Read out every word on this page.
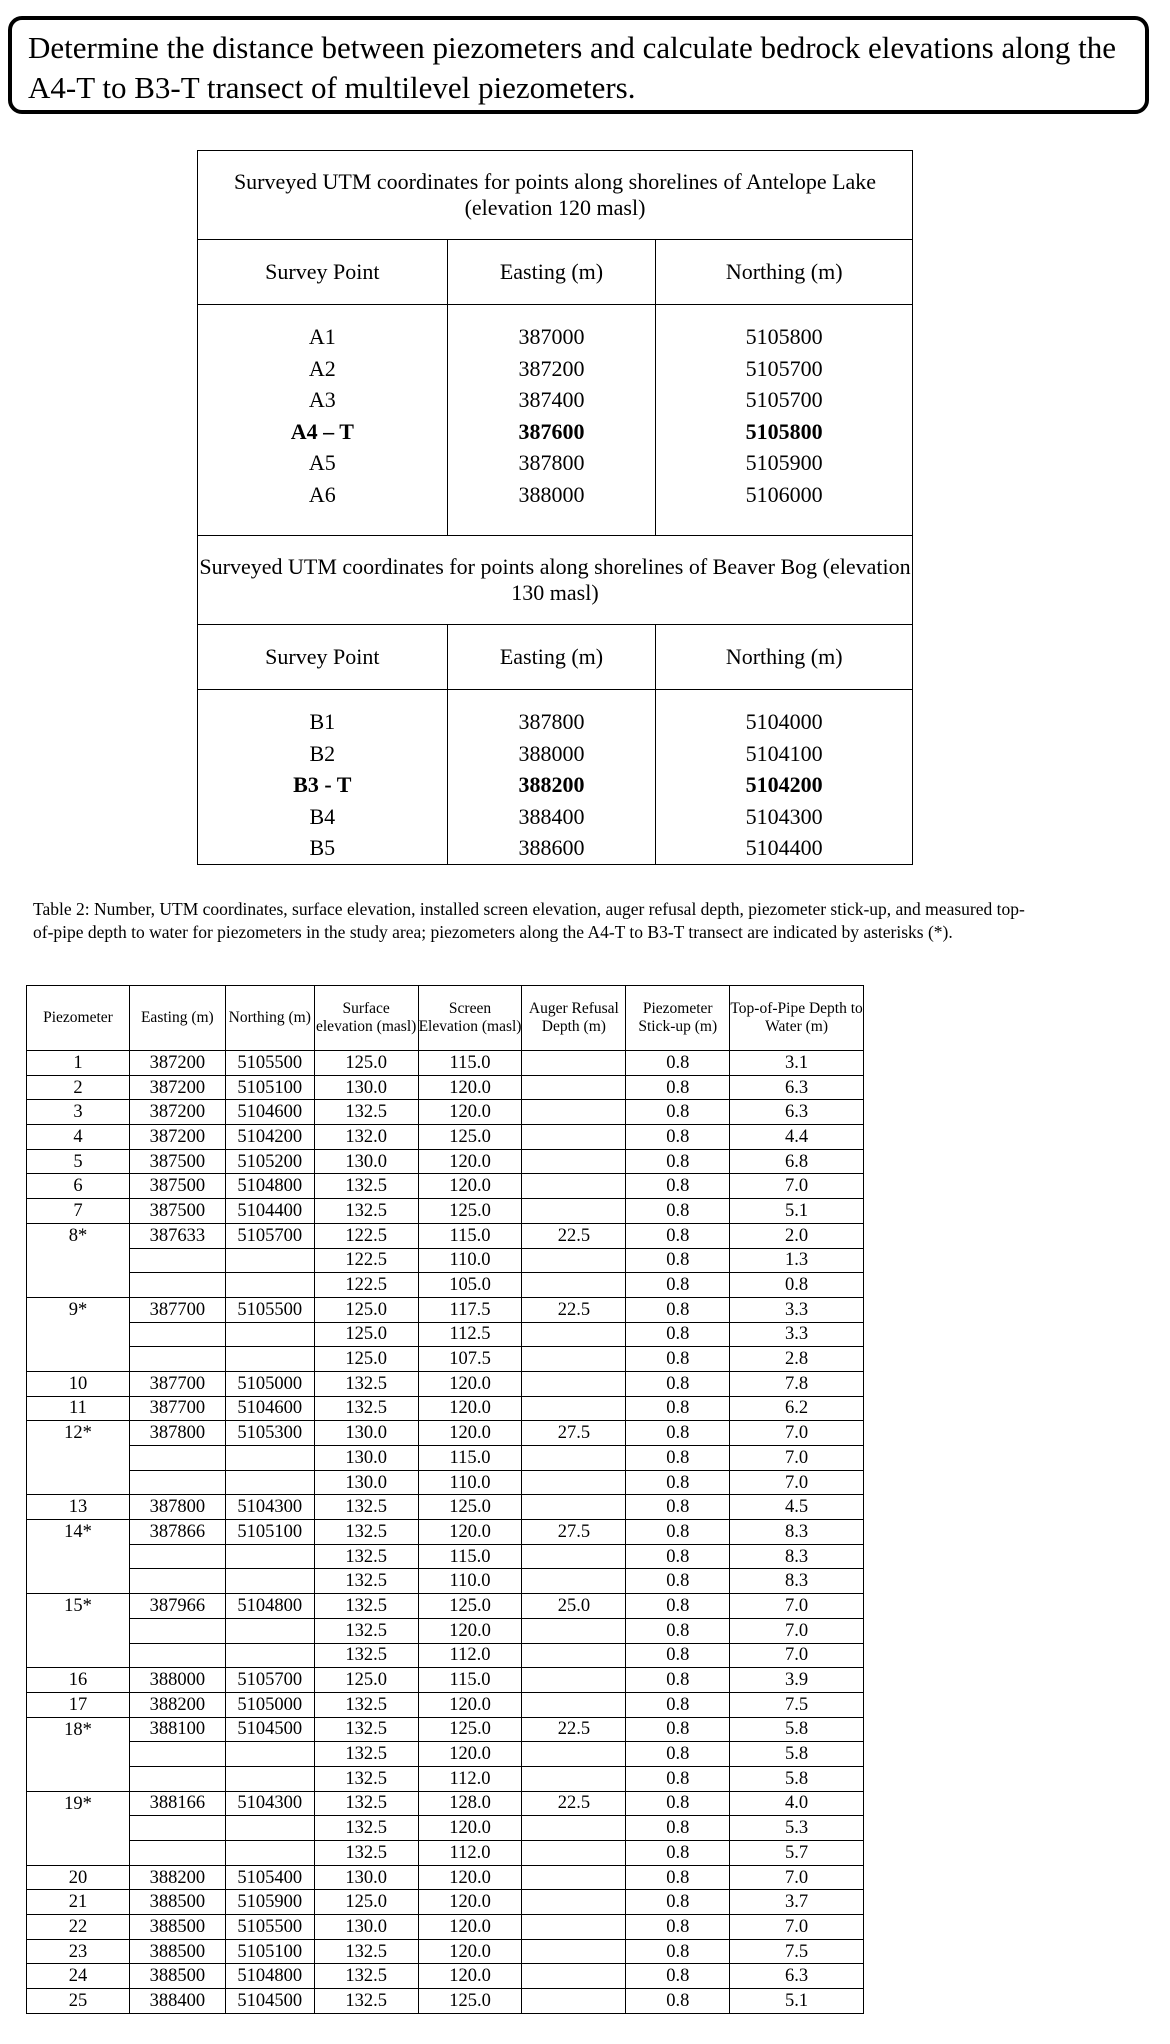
Determine the distance between piezometers and calculate bedrock elevations along the A4-T to B3-T transect of multilevel piezometers.
Surveyed UTM coordinates for points along shorelines of Antelope Lake (elevation 120 masl)		
Survey Point	Easting (m)	Northing (m)

A1	387000	5105800
A2	387200	5105700
A3	387400	5105700
A4 – T	387600	5105800
A5	387800	5105900
A6	388000	5106000

Surveyed UTM coordinates for points along shorelines of Beaver Bog (elevation 130 masl)		
Survey Point	Easting (m)	Northing (m)

B1	387800	5104000
B2	388000	5104100
B3 - T	388200	5104200
B4	388400	5104300
B5	388600	5104400
Table 2: Number, UTM coordinates, surface elevation, installed screen elevation, auger refusal depth, piezometer stick-up, and measured top-of-pipe depth to water for piezometers in the study area; piezometers along the A4-T to B3-T transect are indicated by asterisks (*).
Piezometer	Easting (m)	Northing (m)	Surface elevation (masl)	Screen Elevation (masl)	Auger Refusal Depth (m)	Piezometer Stick-up (m)	Top-of-Pipe Depth to Water (m)
1	387200	5105500	125.0	115.0		0.8	3.1
2	387200	5105100	130.0	120.0		0.8	6.3
3	387200	5104600	132.5	120.0		0.8	6.3
4	387200	5104200	132.0	125.0		0.8	4.4
5	387500	5105200	130.0	120.0		0.8	6.8
6	387500	5104800	132.5	120.0		0.8	7.0
7	387500	5104400	132.5	125.0		0.8	5.1
8*	387633	5105700	122.5	115.0	22.5	0.8	2.0
			122.5	110.0		0.8	1.3
			122.5	105.0		0.8	0.8
9*	387700	5105500	125.0	117.5	22.5	0.8	3.3
			125.0	112.5		0.8	3.3
			125.0	107.5		0.8	2.8
10	387700	5105000	132.5	120.0		0.8	7.8
11	387700	5104600	132.5	120.0		0.8	6.2
12*	387800	5105300	130.0	120.0	27.5	0.8	7.0
			130.0	115.0		0.8	7.0
			130.0	110.0		0.8	7.0
13	387800	5104300	132.5	125.0		0.8	4.5
14*	387866	5105100	132.5	120.0	27.5	0.8	8.3
			132.5	115.0		0.8	8.3
			132.5	110.0		0.8	8.3
15*	387966	5104800	132.5	125.0	25.0	0.8	7.0
			132.5	120.0		0.8	7.0
			132.5	112.0		0.8	7.0
16	388000	5105700	125.0	115.0		0.8	3.9
17	388200	5105000	132.5	120.0		0.8	7.5
18*	388100	5104500	132.5	125.0	22.5	0.8	5.8
			132.5	120.0		0.8	5.8
			132.5	112.0		0.8	5.8
19*	388166	5104300	132.5	128.0	22.5	0.8	4.0
			132.5	120.0		0.8	5.3
			132.5	112.0		0.8	5.7
20	388200	5105400	130.0	120.0		0.8	7.0
21	388500	5105900	125.0	120.0		0.8	3.7
22	388500	5105500	130.0	120.0		0.8	7.0
23	388500	5105100	132.5	120.0		0.8	7.5
24	388500	5104800	132.5	120.0		0.8	6.3
25	388400	5104500	132.5	125.0		0.8	5.1
